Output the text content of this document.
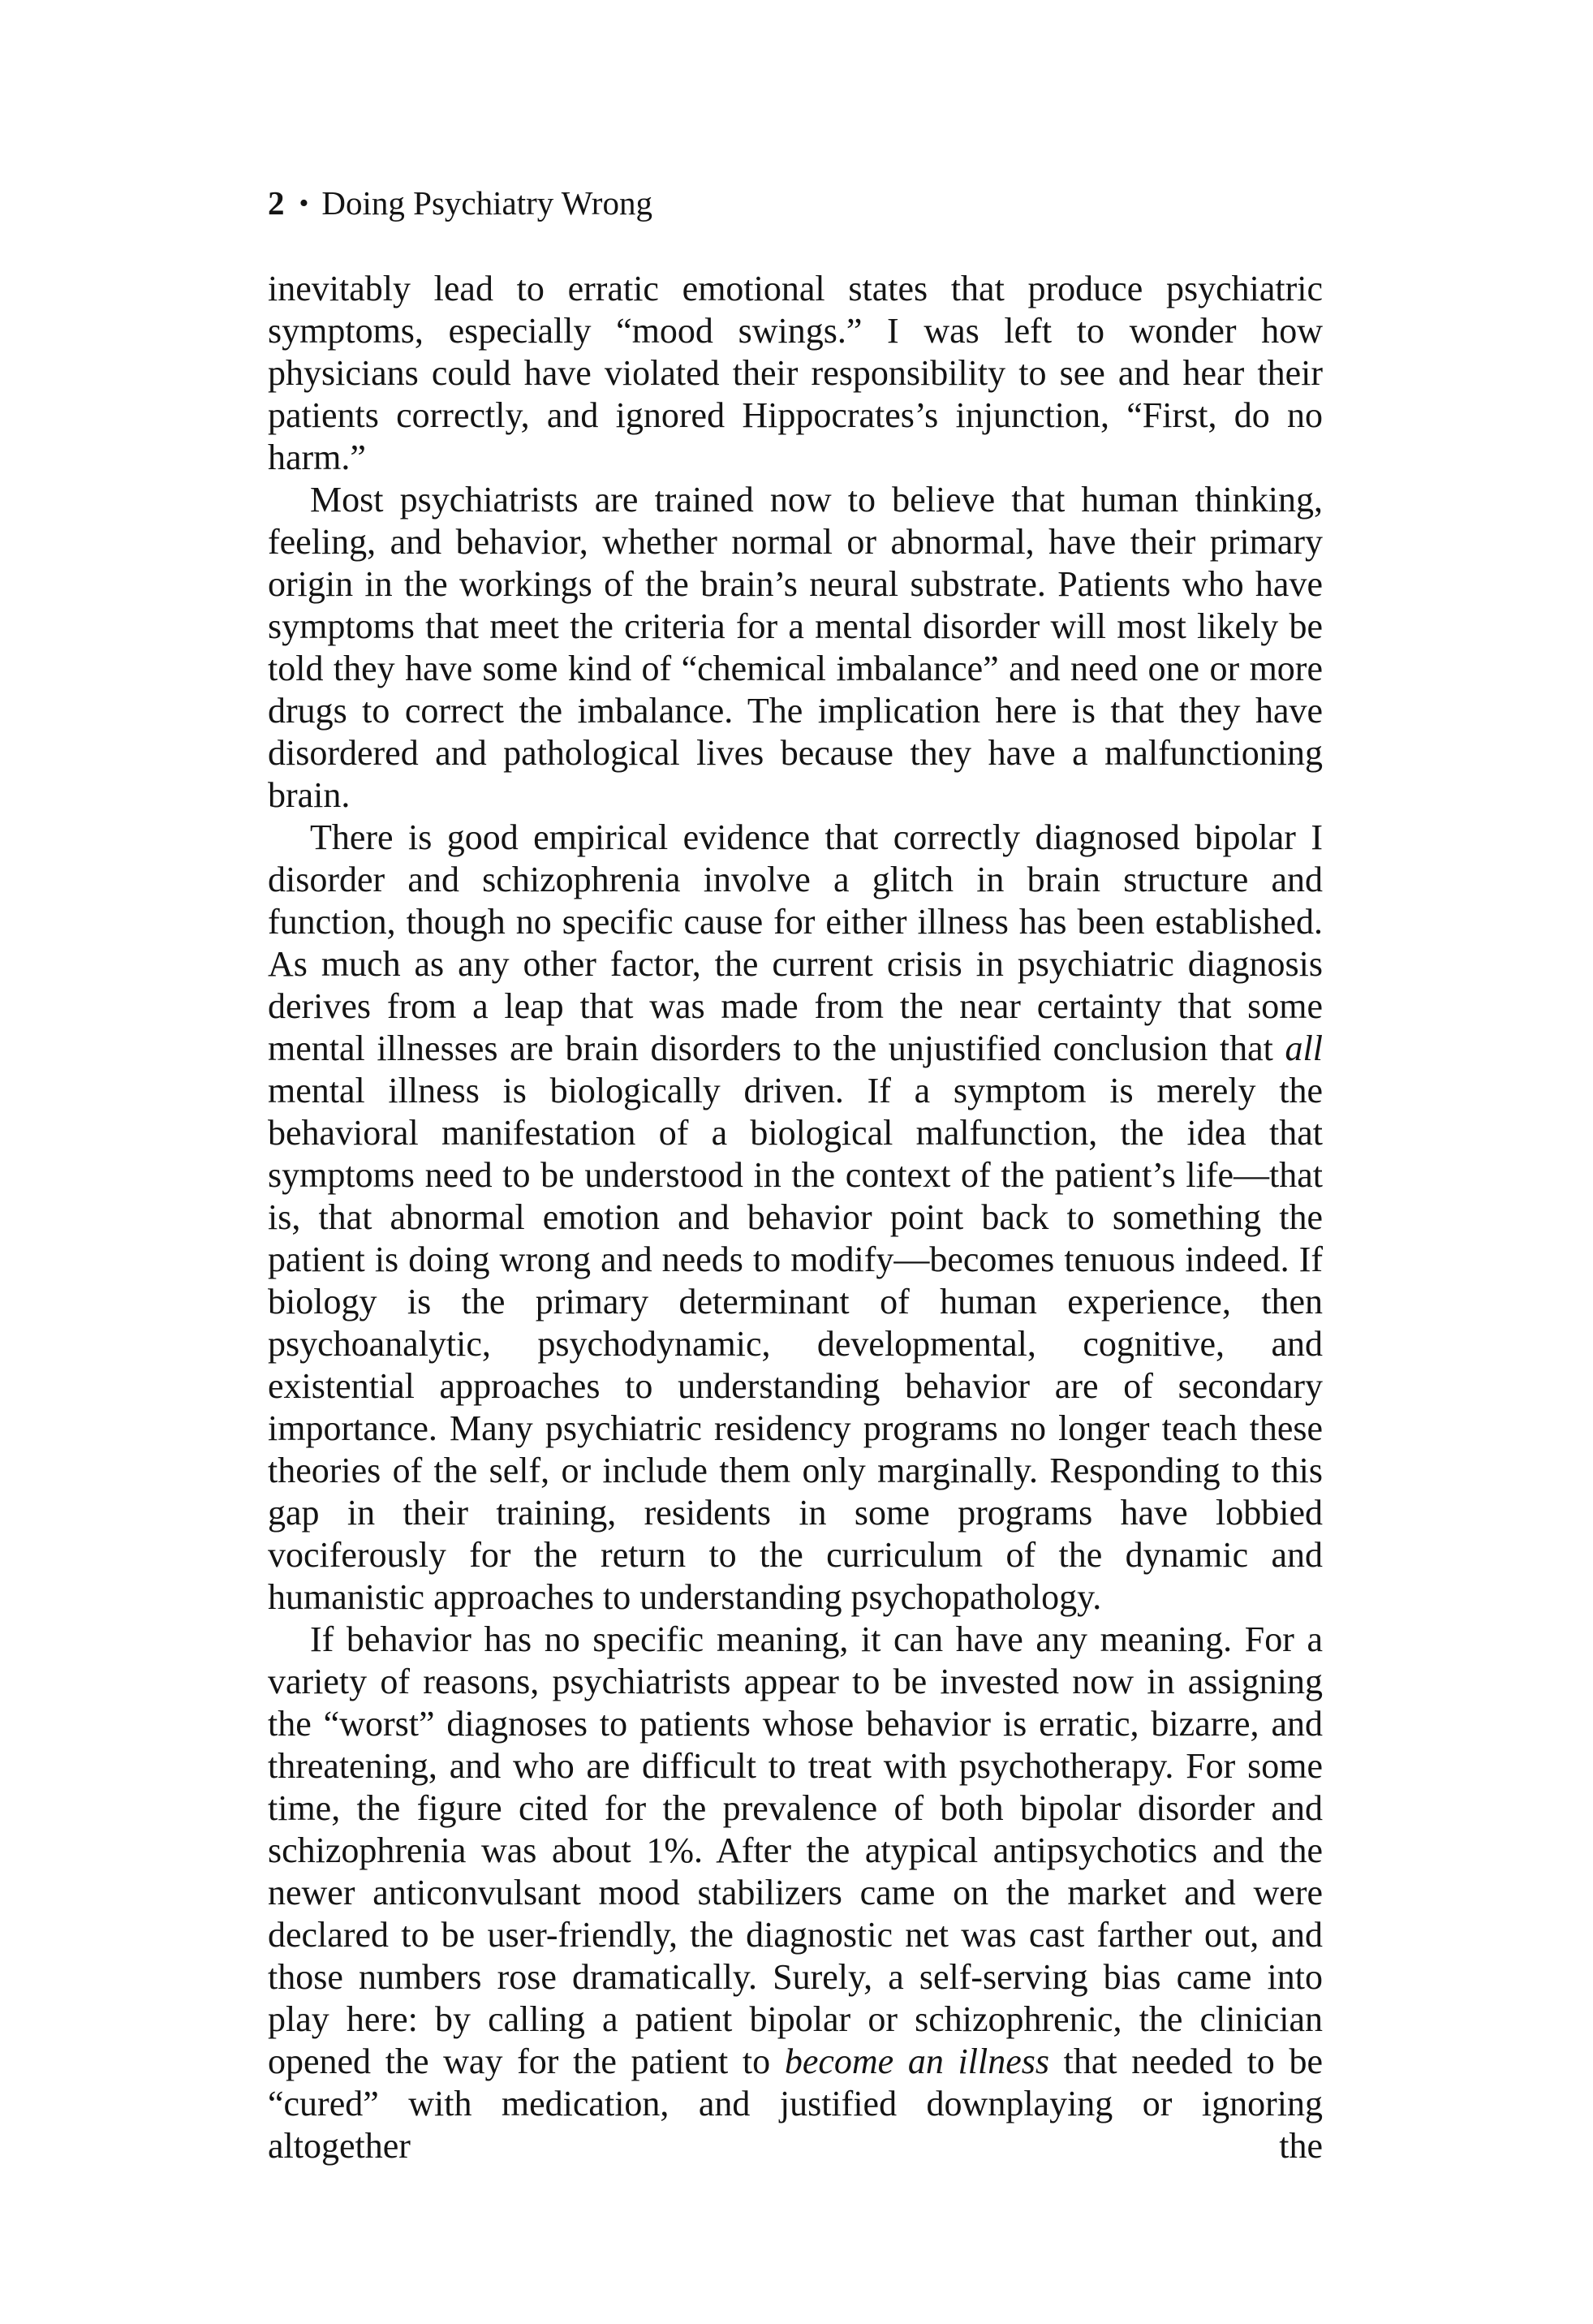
2 • Doing Psychiatry Wrong

inevitably lead to erratic emotional states that produce psychiatric symptoms, especially “mood swings.” I was left to wonder how physicians could have violated their responsibility to see and hear their patients correctly, and ignored Hippocrates’s injunction, “First, do no harm.”

Most psychiatrists are trained now to believe that human thinking, feeling, and behavior, whether normal or abnormal, have their primary origin in the workings of the brain’s neural substrate. Patients who have symptoms that meet the criteria for a mental disorder will most likely be told they have some kind of “chemical imbalance” and need one or more drugs to correct the imbalance. The implication here is that they have disordered and pathological lives because they have a malfunctioning brain.

There is good empirical evidence that correctly diagnosed bipolar I disorder and schizophrenia involve a glitch in brain structure and function, though no specific cause for either illness has been established. As much as any other factor, the current crisis in psychiatric diagnosis derives from a leap that was made from the near certainty that some mental illnesses are brain disorders to the unjustified conclusion that all mental illness is biologically driven. If a symptom is merely the behavioral manifestation of a biological malfunction, the idea that symptoms need to be understood in the context of the patient’s life—that is, that abnormal emotion and behavior point back to something the patient is doing wrong and needs to modify—becomes tenuous indeed. If biology is the primary determinant of human experience, then psychoanalytic, psychodynamic, developmental, cognitive, and existential approaches to understanding behavior are of secondary importance. Many psychiatric residency programs no longer teach these theories of the self, or include them only marginally. Responding to this gap in their training, residents in some programs have lobbied vociferously for the return to the curriculum of the dynamic and humanistic approaches to understanding psychopathology.

If behavior has no specific meaning, it can have any meaning. For a variety of reasons, psychiatrists appear to be invested now in assigning the “worst” diagnoses to patients whose behavior is erratic, bizarre, and threatening, and who are difficult to treat with psychotherapy. For some time, the figure cited for the prevalence of both bipolar disorder and schizophrenia was about 1%. After the atypical antipsychotics and the newer anticonvulsant mood stabilizers came on the market and were declared to be user-friendly, the diagnostic net was cast farther out, and those numbers rose dramatically. Surely, a self-serving bias came into play here: by calling a patient bipolar or schizophrenic, the clinician opened the way for the patient to become an illness that needed to be “cured” with medication, and justified downplaying or ignoring altogether the
